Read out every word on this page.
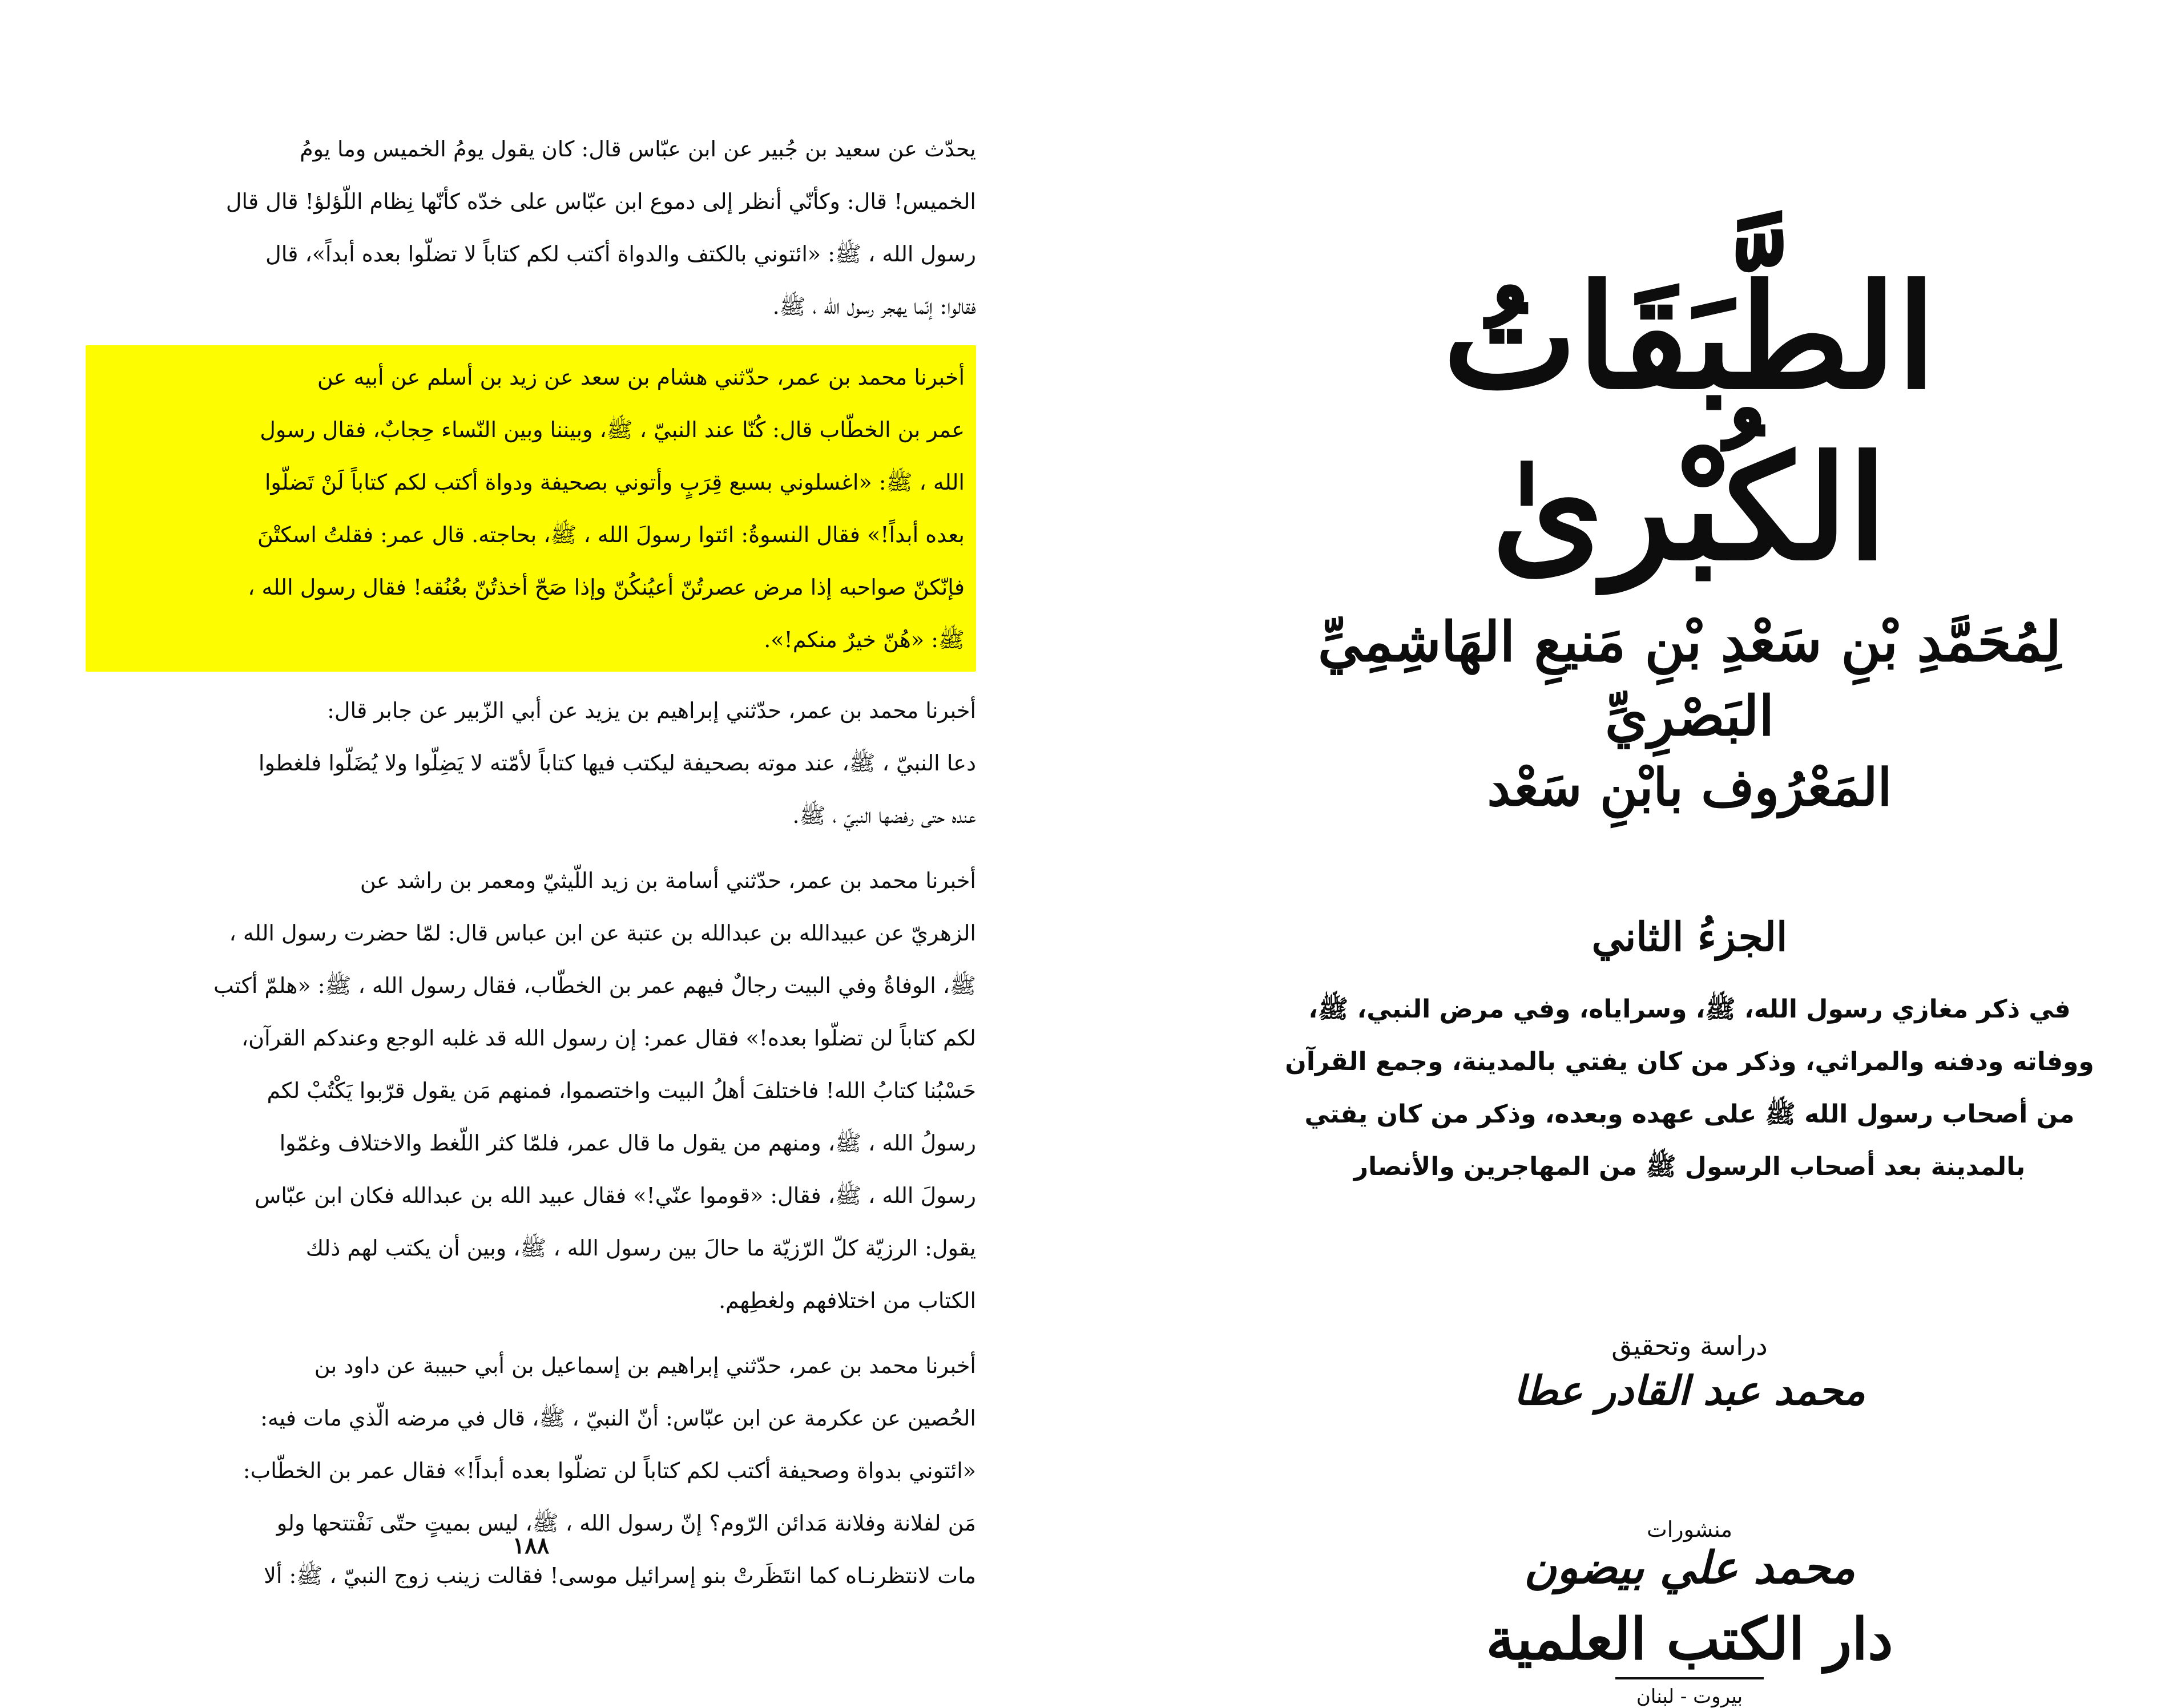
يحدّث عن سعيد بن جُبير عن ابن عبّاس قال: كان يقول يومُ الخميس وما يومُ

الخميس! قال: وكأنّي أنظر إلى دموع ابن عبّاس على خدّه كأنّها نِظام اللّؤلؤ! قال قال

رسول الله ، ﷺ: «ائتوني بالكتف والدواة أكتب لكم كتاباً لا تضلّوا بعده أبداً»، قال

فقالوا: إنّما يهجر رسول الله ، ﷺ.

أخبرنا محمد بن عمر، حدّثني هشام بن سعد عن زيد بن أسلم عن أبيه عن

عمر بن الخطّاب قال: كُنّا عند النبيّ ، ﷺ، وبيننا وبين النّساء حِجابٌ، فقال رسول

الله ، ﷺ: «اغسلوني بسبع قِرَبٍ وأتوني بصحيفة ودواة أكتب لكم كتاباً لَنْ تَضلّوا

بعده أبداً!» فقال النسوةُ: ائتوا رسولَ الله ، ﷺ، بحاجته. قال عمر: فقلتُ اسكتْنَ

فإنّكنّ صواحبه إذا مرض عصرتُنّ أعيُنكُنّ وإذا صَحّ أخذتُنّ بعُنُقه! فقال رسول الله ،

ﷺ: «هُنّ خيرٌ منكم!».

أخبرنا محمد بن عمر، حدّثني إبراهيم بن يزيد عن أبي الزّبير عن جابر قال:

دعا النبيّ ، ﷺ، عند موته بصحيفة ليكتب فيها كتاباً لأمّته لا يَضِلّوا ولا يُضَلّوا فلغطوا

عنده حتى رفضها النبيّ ، ﷺ.

أخبرنا محمد بن عمر، حدّثني أسامة بن زيد اللّيثيّ ومعمر بن راشد عن

الزهريّ عن عبيدالله بن عبدالله بن عتبة عن ابن عباس قال: لمّا حضرت رسول الله ،

ﷺ، الوفاةُ وفي البيت رجالٌ فيهم عمر بن الخطّاب، فقال رسول الله ، ﷺ: «هلمّ أكتب

لكم كتاباً لن تضلّوا بعده!» فقال عمر: إن رسول الله قد غلبه الوجع وعندكم القرآن،

حَسْبُنا كتابُ الله! فاختلفَ أهلُ البيت واختصموا، فمنهم مَن يقول قرّبوا يَكْتُبْ لكم

رسولُ الله ، ﷺ، ومنهم من يقول ما قال عمر، فلمّا كثر اللّغط والاختلاف وغمّوا

رسولَ الله ، ﷺ، فقال: «قوموا عنّي!» فقال عبيد الله بن عبدالله فكان ابن عبّاس

يقول: الرزيّة كلّ الرّزيّة ما حالَ بين رسول الله ، ﷺ، وبين أن يكتب لهم ذلك

الكتاب من اختلافهم ولغطِهم.

أخبرنا محمد بن عمر، حدّثني إبراهيم بن إسماعيل بن أبي حبيبة عن داود بن

الحُصين عن عكرمة عن ابن عبّاس: أنّ النبيّ ، ﷺ، قال في مرضه الّذي مات فيه:

«ائتوني بدواة وصحيفة أكتب لكم كتاباً لن تضلّوا بعده أبداً!» فقال عمر بن الخطّاب:

مَن لفلانة وفلانة مَدائن الرّوم؟ إنّ رسول الله ، ﷺ، ليس بميتٍ حتّى نَفْتتحها ولو

مات لانتظرنـاه كما انتَظَرتْ بنو إسرائيل موسى! فقالت زينب زوج النبيّ ، ﷺ: ألا

١٨٨
الطَّبَقَاتُ الكُبْرىٰ
لِمُحَمَّدِ بْنِ سَعْدِ بْنِ مَنيعِ الهَاشِمِيِّ البَصْرِيِّ
المَعْرُوف بابْنِ سَعْد
الجزءُ الثاني
في ذكر مغازي رسول الله، ﷺ، وسراياه، وفي مرض النبي، ﷺ،
ووفاته ودفنه والمراثي، وذكر من كان يفتي بالمدينة، وجمع القرآن
من أصحاب رسول الله ﷺ على عهده وبعده، وذكر من كان يفتي
بالمدينة بعد أصحاب الرسول ﷺ من المهاجرين والأنصار
دراسة وتحقيق
محمد عبد القادر عطا
منشورات
محمد علي بيضون
دار الكتب العلمية
بيروت - لبنان
